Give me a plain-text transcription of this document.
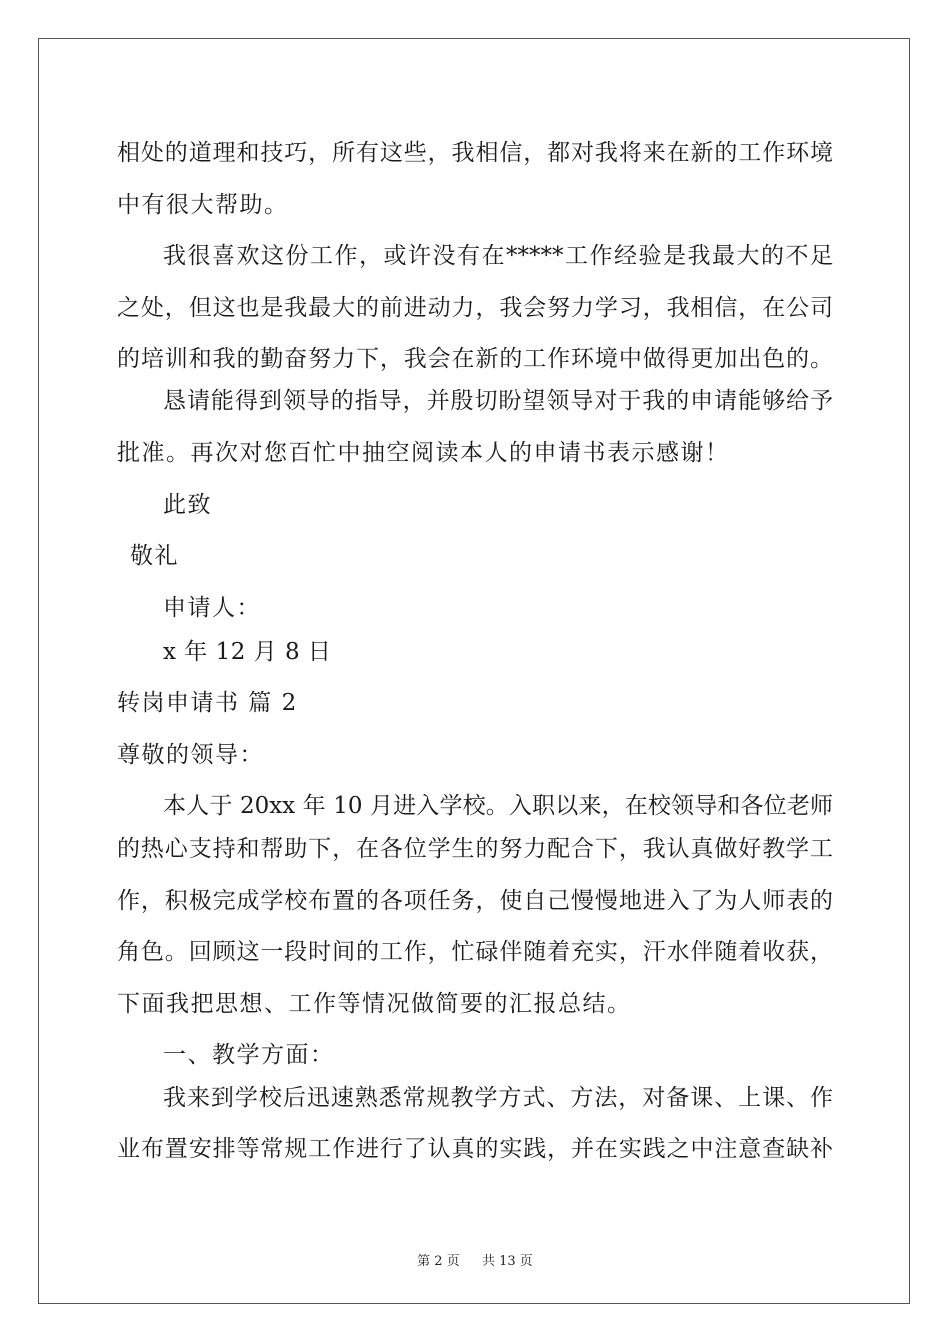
相处的道理和技巧，所有这些，我相信，都对我将来在新的工作环境
中有很大帮助。
我很喜欢这份工作，或许没有在*****工作经验是我最大的不足
之处，但这也是我最大的前进动力，我会努力学习，我相信，在公司
的培训和我的勤奋努力下，我会在新的工作环境中做得更加出色的。
恳请能得到领导的指导，并殷切盼望领导对于我的申请能够给予
批准。再次对您百忙中抽空阅读本人的申请书表示感谢！
此致
敬礼
申请人：
x 年 12 月 8 日
转岗申请书 篇 2
尊敬的领导：
本人于 20xx 年 10 月进入学校。入职以来，在校领导和各位老师
的热心支持和帮助下，在各位学生的努力配合下，我认真做好教学工
作，积极完成学校布置的各项任务，使自己慢慢地进入了为人师表的
角色。回顾这一段时间的工作，忙碌伴随着充实，汗水伴随着收获，
下面我把思想、工作等情况做简要的汇报总结。
一、教学方面：
我来到学校后迅速熟悉常规教学方式、方法，对备课、上课、作
业布置安排等常规工作进行了认真的实践，并在实践之中注意查缺补
第 2 页 共 13 页
